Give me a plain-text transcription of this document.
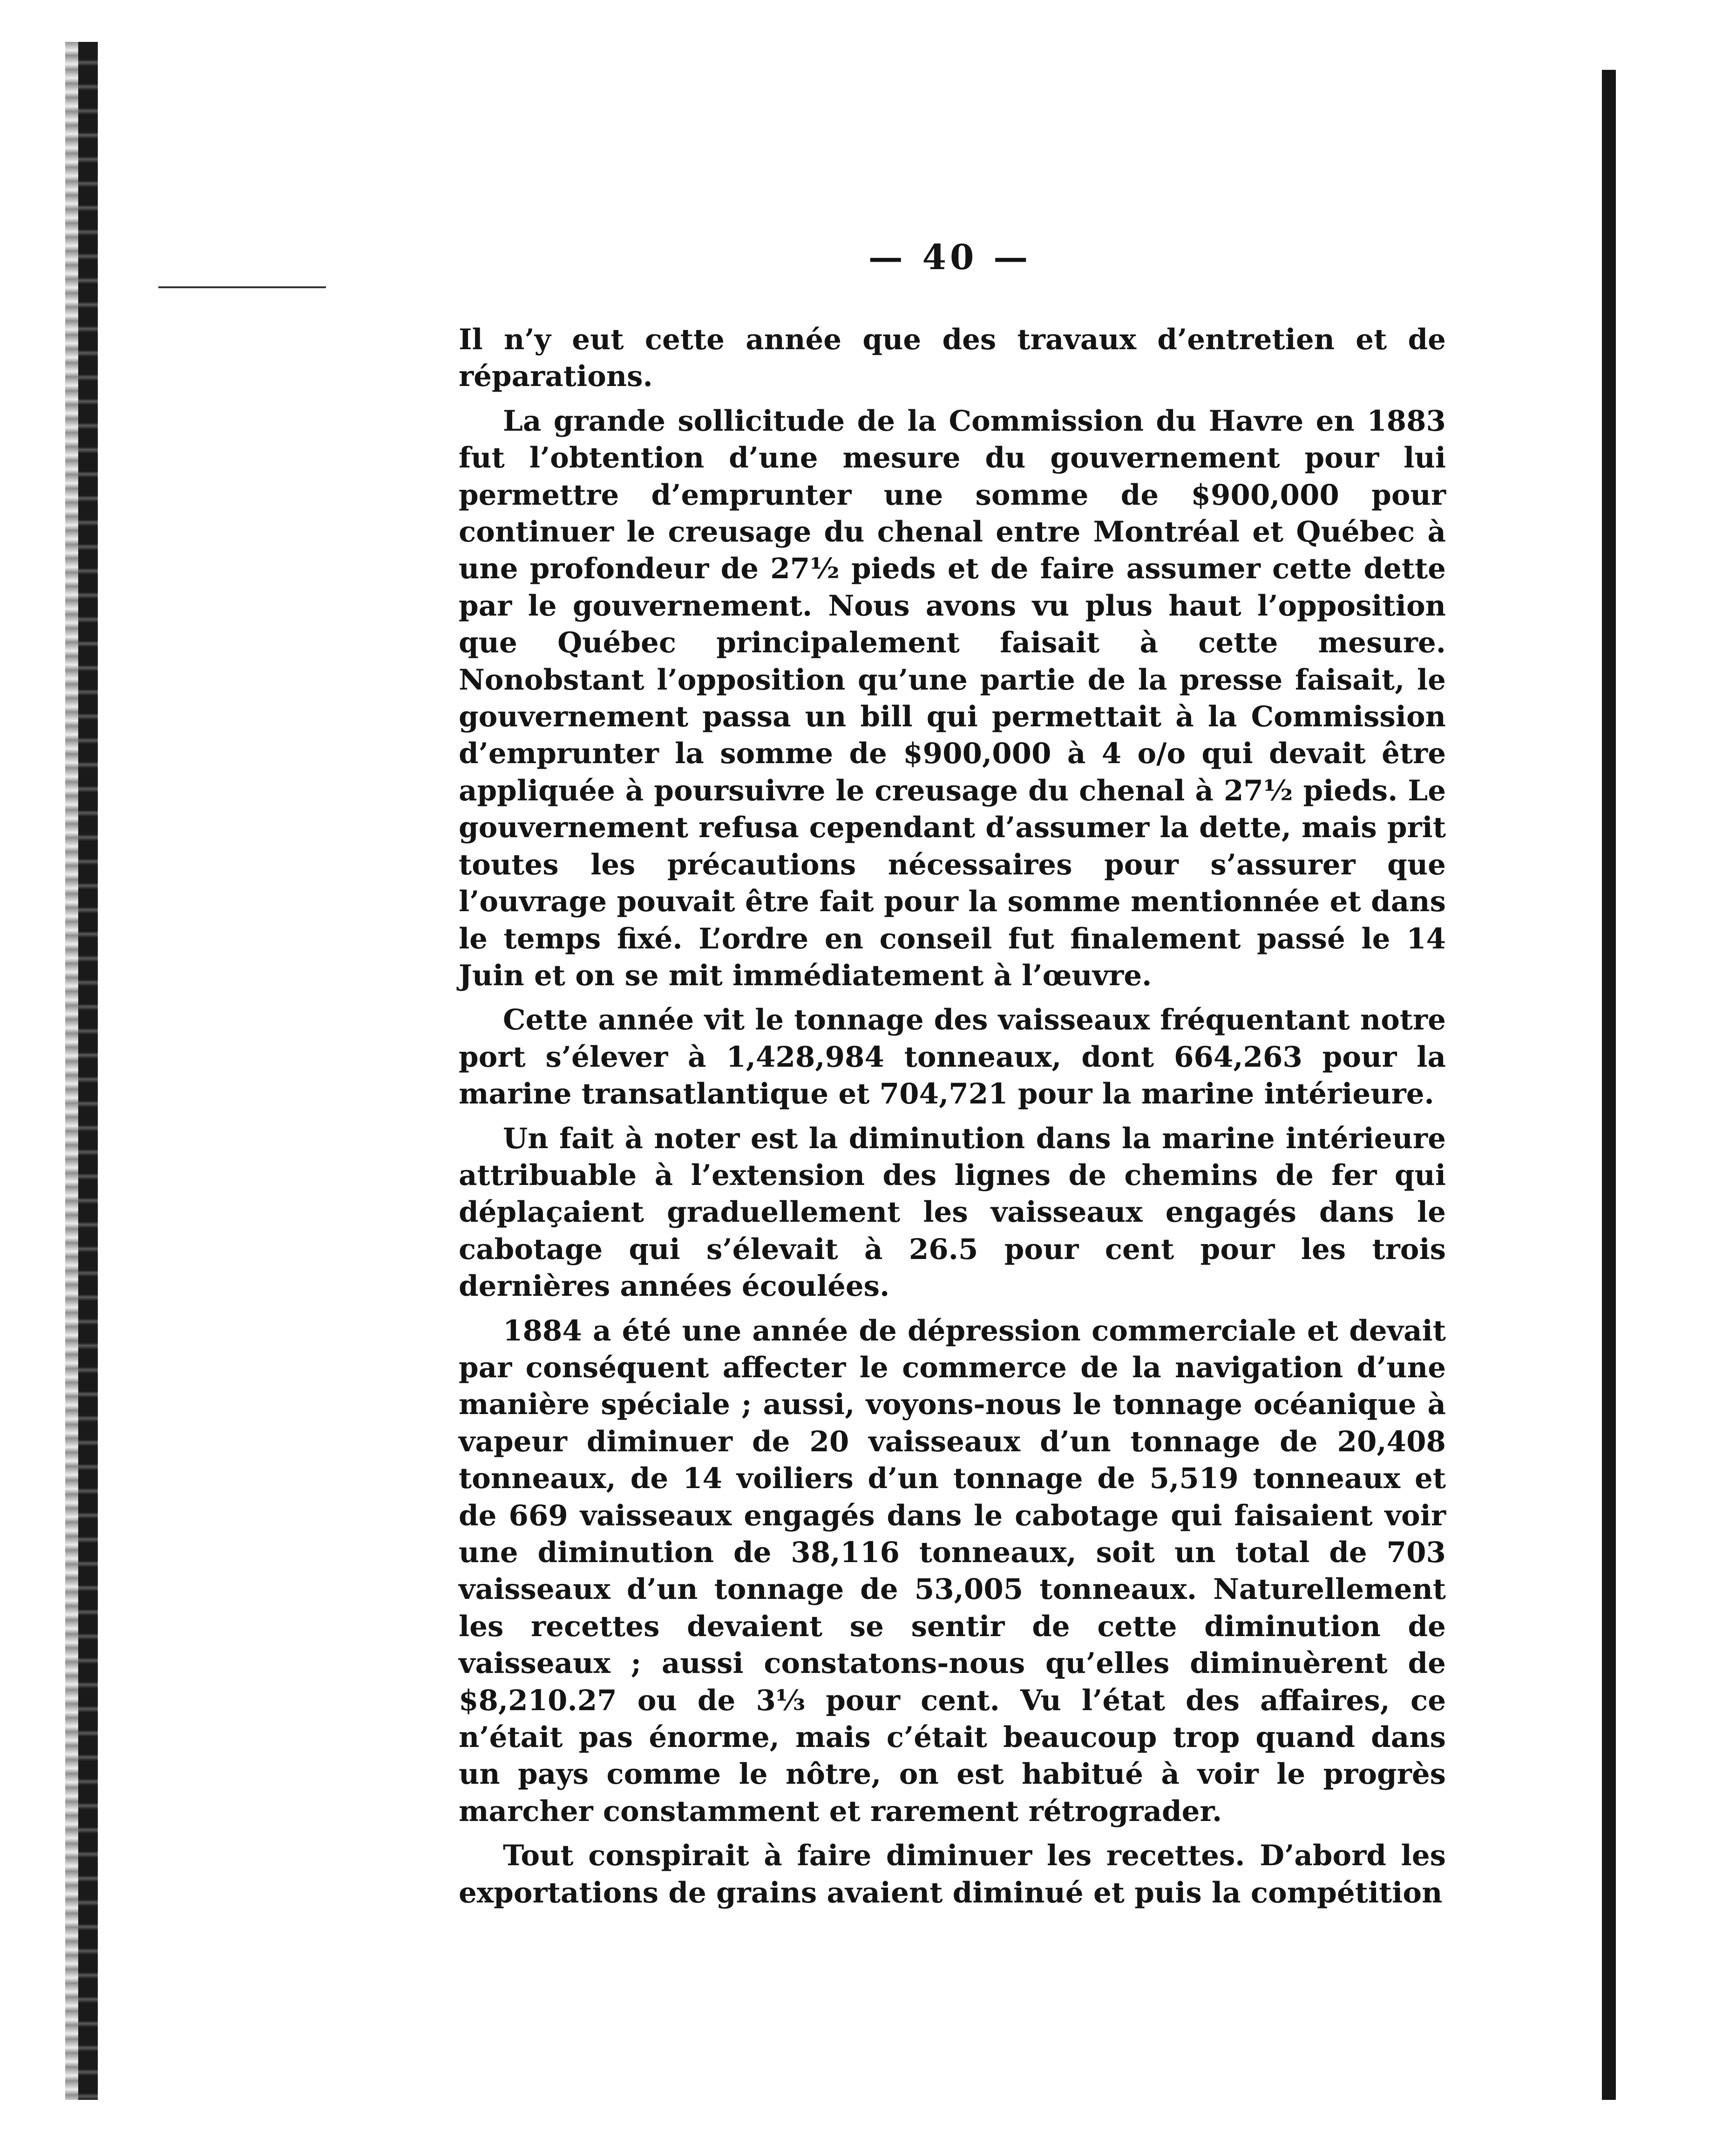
— 40 —

Il n’y eut cette année que des travaux d’entretien et de réparations.

La grande sollicitude de la Commission du Havre en 1883 fut l’obtention d’une mesure du gouvernement pour lui permettre d’emprunter une somme de $900,000 pour continuer le creusage du chenal entre Montréal et Québec à une profondeur de 27½ pieds et de faire assumer cette dette par le gouvernement. Nous avons vu plus haut l’opposition que Québec principalement faisait à cette mesure. Nonobstant l’opposition qu’une partie de la presse faisait, le gouvernement passa un bill qui permettait à la Commission d’emprunter la somme de $900,000 à 4 o/o qui devait être appliquée à poursuivre le creusage du chenal à 27½ pieds. Le gouvernement refusa cependant d’assumer la dette, mais prit toutes les précautions nécessaires pour s’assurer que l’ouvrage pouvait être fait pour la somme mentionnée et dans le temps fixé. L’ordre en conseil fut finalement passé le 14 Juin et on se mit immédiatement à l’œuvre.

Cette année vit le tonnage des vaisseaux fréquentant notre port s’élever à 1,428,984 tonneaux, dont 664,263 pour la marine transatlantique et 704,721 pour la marine intérieure.

Un fait à noter est la diminution dans la marine intérieure attribuable à l’extension des lignes de chemins de fer qui déplaçaient graduellement les vaisseaux engagés dans le cabotage qui s’élevait à 26.5 pour cent pour les trois dernières années écoulées.

1884 a été une année de dépression commerciale et devait par conséquent affecter le commerce de la navigation d’une manière spéciale ; aussi, voyons-nous le tonnage océanique à vapeur diminuer de 20 vaisseaux d’un tonnage de 20,408 tonneaux, de 14 voiliers d’un tonnage de 5,519 tonneaux et de 669 vaisseaux engagés dans le cabotage qui faisaient voir une diminution de 38,116 tonneaux, soit un total de 703 vaisseaux d’un tonnage de 53,005 tonneaux. Naturellement les recettes devaient se sentir de cette diminution de vaisseaux ; aussi constatons-nous qu’elles diminuèrent de $8,210.27 ou de 3⅓ pour cent. Vu l’état des affaires, ce n’était pas énorme, mais c’était beaucoup trop quand dans un pays comme le nôtre, on est habitué à voir le progrès marcher constamment et rarement rétrograder.

Tout conspirait à faire diminuer les recettes. D’abord les exportations de grains avaient diminué et puis la compétition
